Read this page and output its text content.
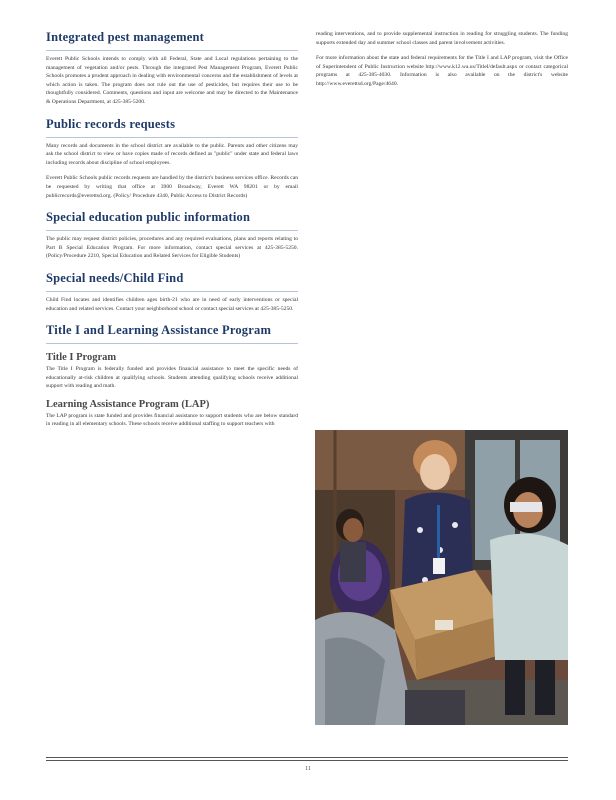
Integrated pest management

Everett Public Schools intends to comply with all Federal, State and Local regulations pertaining to the management of vegetation and/or pests. Through the integrated Pest Management Program, Everett Public Schools promotes a prudent approach in dealing with environmental concerns and the establishment of levels at which action is taken. The program does not rule out the use of pesticides, but requires their use to be thoughtfully considered. Comments, questions and input are welcome and may be directed to the Maintenance & Operations Department, at 425-385-5200.

Public records requests

Many records and documents in the school district are available to the public. Parents and other citizens may ask the school district to view or have copies made of records defined as "public" under state and federal laws including records about discipline of school employees.

Everett Public Schools public records requests are handled by the district's business services office. Records can be requested by writing that office at 3900 Broadway, Everett WA 98201 or by email publicrecords@everettsd.org. (Policy/ Procedure 4340, Public Access to District Records)

Special education public information

The public may request district policies, procedures and any required evaluations, plans and reports relating to Part B Special Education Program. For more information, contact special services at 425-385-5250. (Policy/Procedure 2210, Special Education and Related Services for Eligible Students)

Special needs/Child Find

Child Find locates and identifies children ages birth-21 who are in need of early interventions or special education and related services. Contact your neighborhood school or contact special services at 425-385-5250.

Title I and Learning Assistance Program
Title I Program

The Title I Program is federally funded and provides financial assistance to meet the specific needs of educationally at-risk children at qualifying schools. Students attending qualifying schools receive additional support with reading and math.

Learning Assistance Program (LAP)

The LAP program is state funded and provides financial assistance to support students who are below standard in reading in all elementary schools. These schools receive additional staffing to support teachers with

reading interventions, and to provide supplemental instruction in reading for struggling students. The funding supports extended day and summer school classes and parent involvement activities.

For more information about the state and federal requirements for the Title I and LAP program, visit the Office of Superintendent of Public Instruction website http://www.k12.wa.us/TitleI/default.aspx or contact categorical programs at 425-385-4030. Information is also available on the district's website http://www.everettsd.org/Page/4640.

11
